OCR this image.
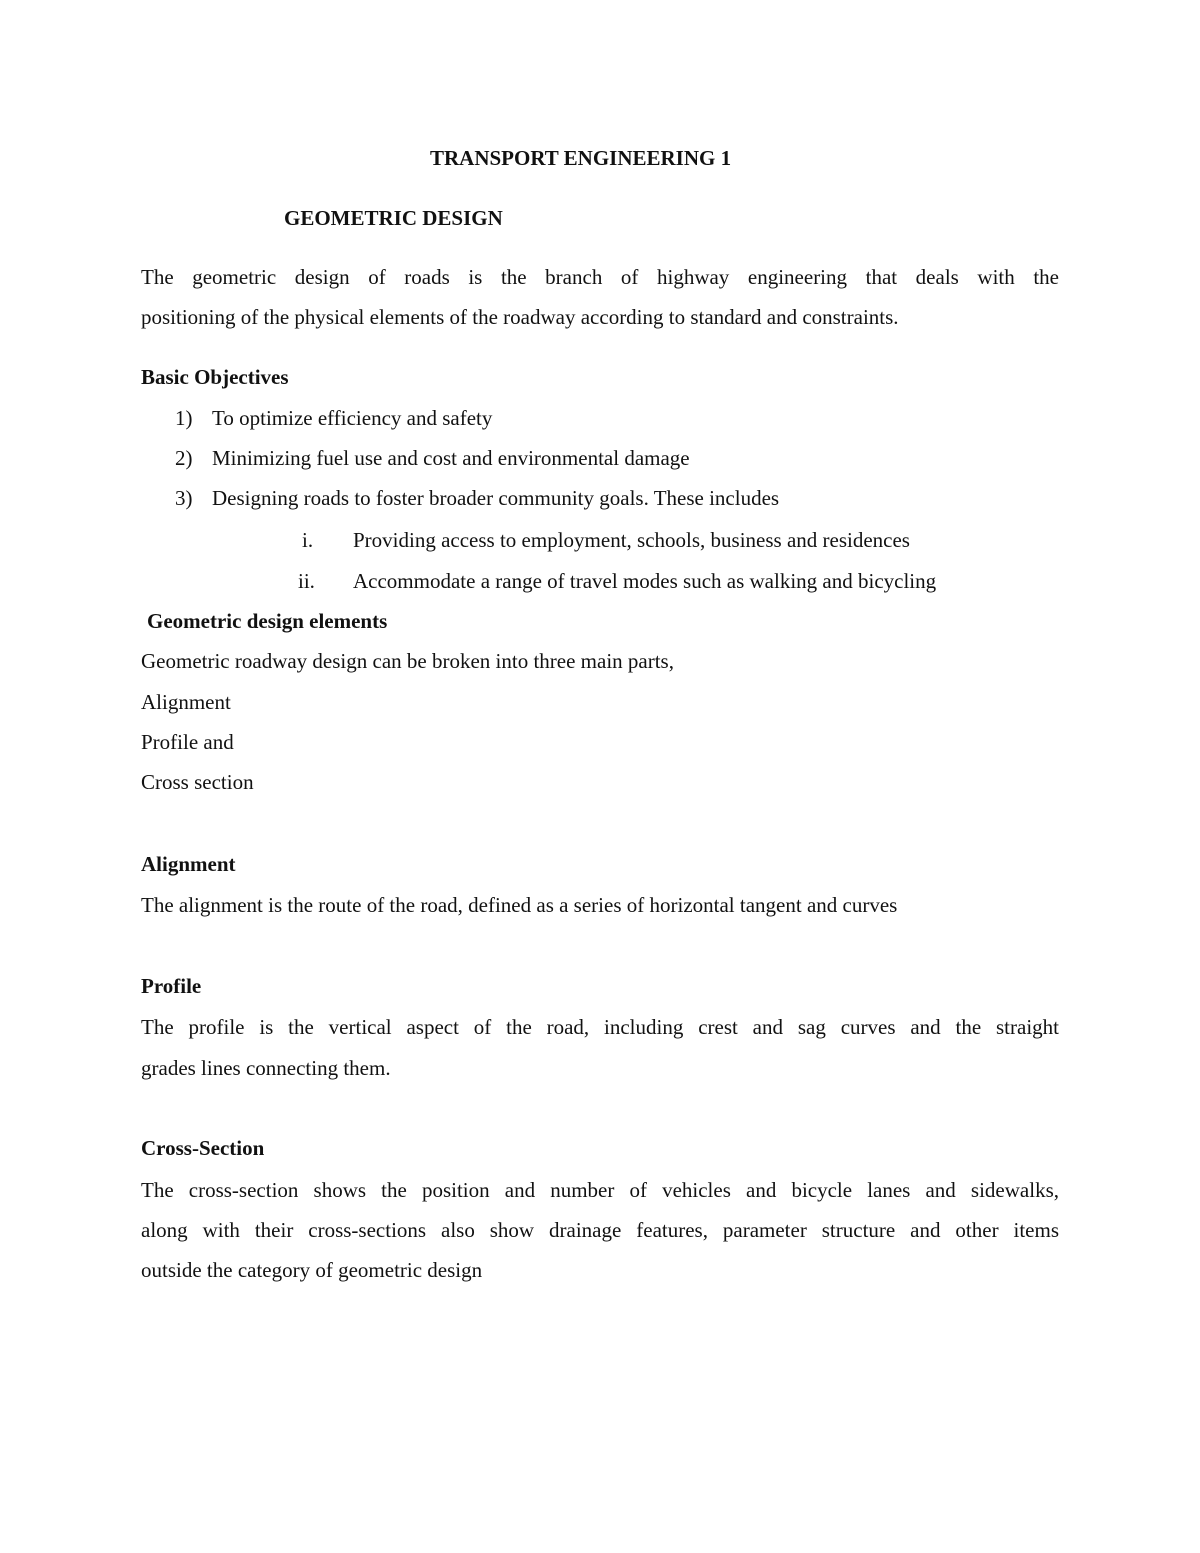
TRANSPORT ENGINEERING 1
GEOMETRIC DESIGN
The geometric design of roads is the branch of highway engineering that deals with the
positioning of the physical elements of the roadway according to standard and constraints.
Basic Objectives
1) To optimize efficiency and safety
2) Minimizing fuel use and cost and environmental damage
3) Designing roads to foster broader community goals. These includes
i. Providing access to employment, schools, business and residences
ii. Accommodate a range of travel modes such as walking and bicycling
Geometric design elements
Geometric roadway design can be broken into three main parts,
Alignment
Profile and
Cross section
Alignment
The alignment is the route of the road, defined as a series of horizontal tangent and curves
Profile
The profile is the vertical aspect of the road, including crest and sag curves and the straight
grades lines connecting them.
Cross-Section
The cross-section shows the position and number of vehicles and bicycle lanes and sidewalks,
along with their cross-sections also show drainage features, parameter structure and other items
outside the category of geometric design
